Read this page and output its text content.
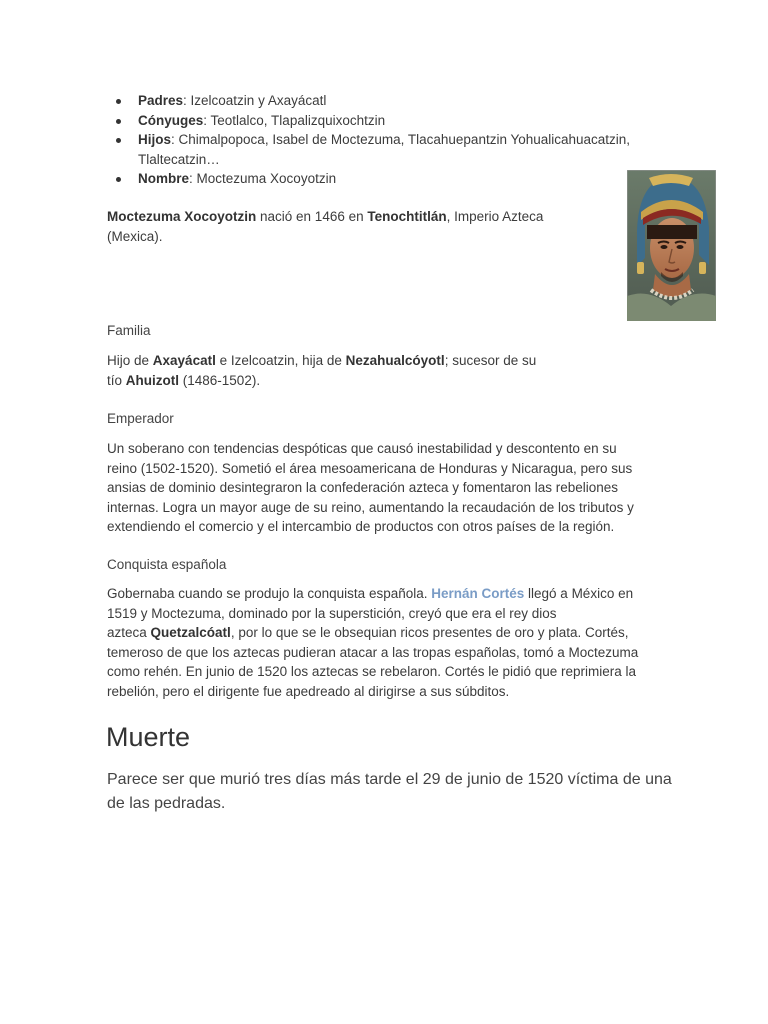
Padres: Izelcoatzin y Axayácatl
Cónyuges: Teotlalco, Tlapalizquixochtzin
Hijos: Chimalpopoca, Isabel de Moctezuma, Tlacahuepantzin Yohualicahuacatzin, Tlaltecatzin…
Nombre: Moctezuma Xocoyotzin

Moctezuma Xocoyotzin nació en 1466 en Tenochtitlán, Imperio Azteca
(Mexica).

Familia

Hijo de Axayácatl e Izelcoatzin, hija de Nezahualcóyotl; sucesor de su
tío Ahuizotl (1486-1502).

Emperador

Un soberano con tendencias despóticas que causó inestabilidad y descontento en su
reino (1502-1520). Sometió el área mesoamericana de Honduras y Nicaragua, pero sus
ansias de dominio desintegraron la confederación azteca y fomentaron las rebeliones
internas. Logra un mayor auge de su reino, aumentando la recaudación de los tributos y
extendiendo el comercio y el intercambio de productos con otros países de la región.

Conquista española

Gobernaba cuando se produjo la conquista española. Hernán Cortés llegó a México en
1519 y Moctezuma, dominado por la superstición, creyó que era el rey dios
azteca Quetzalcóatl, por lo que se le obsequian ricos presentes de oro y plata. Cortés,
temeroso de que los aztecas pudieran atacar a las tropas españolas, tomó a Moctezuma
como rehén. En junio de 1520 los aztecas se rebelaron. Cortés le pidió que reprimiera la
rebelión, pero el dirigente fue apedreado al dirigirse a sus súbditos.

Muerte

Parece ser que murió tres días más tarde el 29 de junio de 1520 víctima de una de las pedradas.
